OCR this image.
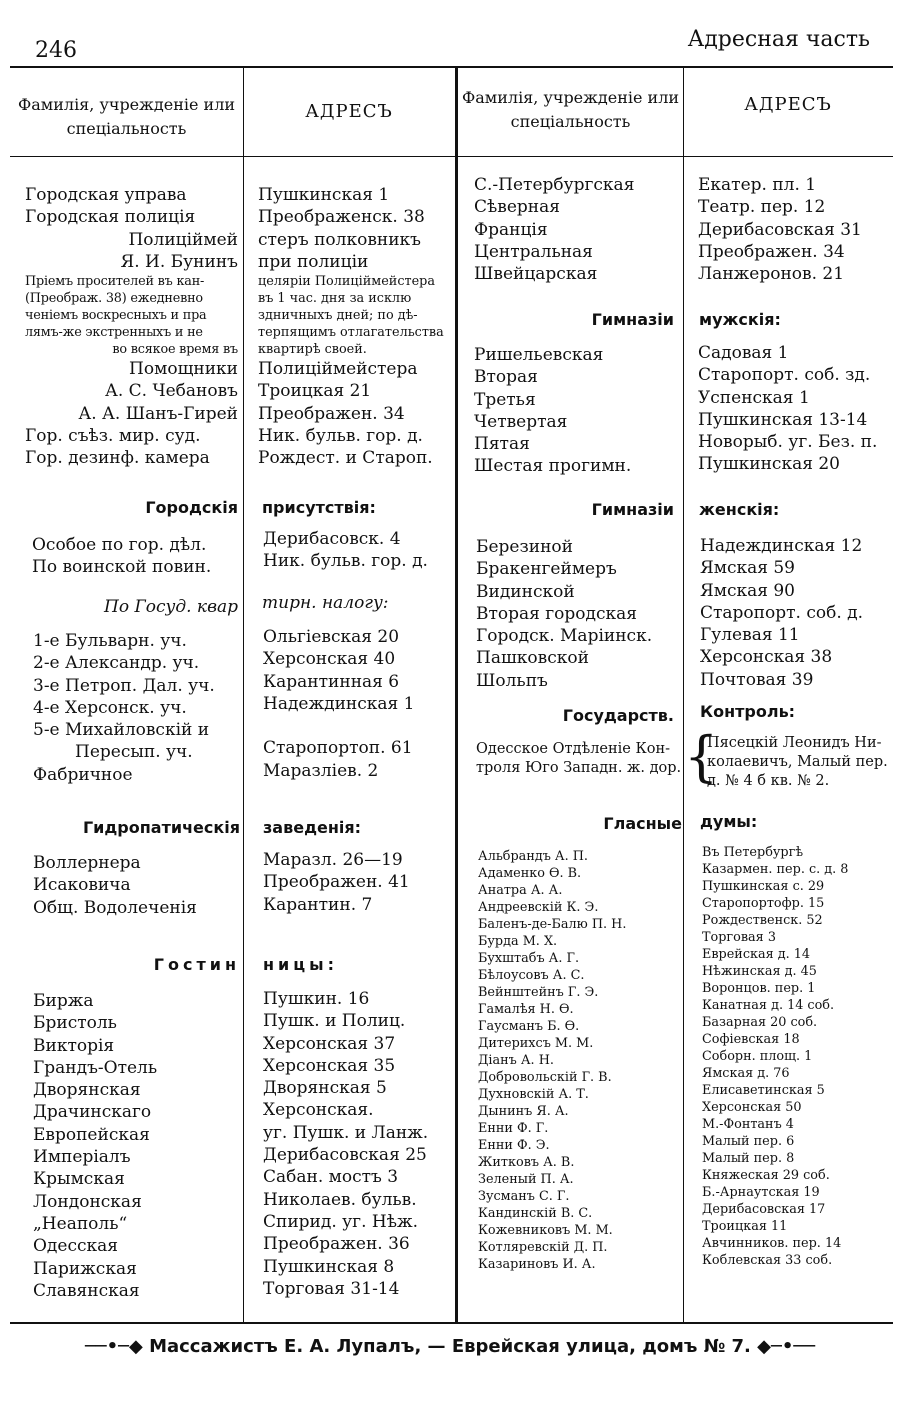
246	Адресная часть
Фамилія, учрежденіе или спеціальность
АДРЕСЪ
Фамилія, учрежденіе или спеціальность
АДРЕСЪ
Городская управа
Городская полиція
Полиціймей
Я. И. Бунинъ
Пріемъ просителей въ кан-
(Преображ. 38) ежедневно
ченіемъ воскресныхъ и пра
лямъ-же экстренныхъ и не
во всякое время въ
Помощники
А. С. Чебановъ
А. А. Шанъ-Гирей
Гор. съѣз. мир. суд.
Гор. дезинф. камера
Пушкинская 1
Преображенск. 38
стеръ полковникъ
при полиціи
целяріи Полиціймейстера
въ 1 час. дня за исклю
здничныхъ дней; по дѣ-
терпящимъ отлагательства
квартирѣ своей.
Полиціймейстера
Троицкая 21
Преображен. 34
Ник. бульв. гор. д.
Рождест. и Староп.
Городскія присутствія:
Особое по гор. дѣл.
По воинской повин.
Дерибасовск. 4
Ник. бульв. гор. д.
По Госуд. квар тирн. налогу:
1-е Бульварн. уч.
2-е Александр. уч.
3-е Петроп. Дал. уч.
4-е Херсонск. уч.
5-е Михайловскій и
Пересып. уч.
Фабричное
Ольгіевская 20
Херсонская 40
Карантинная 6
Надеждинская 1
Старопортоп. 61
Маразліев. 2
Гидропатическія заведенія:
Воллернера
Исаковича
Общ. Водолеченія
Маразл. 26—19
Преображен. 41
Карантин. 7
Гостин ницы:
Биржа
Бристоль
Викторія
Грандъ-Отель
Дворянская
Драчинскаго
Европейская
Имперіалъ
Крымская
Лондонская
„Неаполь“
Одесская
Парижская
Славянская
Пушкин. 16
Пушк. и Полиц.
Херсонская 37
Херсонская 35
Дворянская 5
Херсонская.
уг. Пушк. и Ланж.
Дерибасовская 25
Сабан. мостъ 3
Николаев. бульв.
Спирид. уг. Нѣж.
Преображен. 36
Пушкинская 8
Торговая 31-14
С.-Петербургская
Сѣверная
Франція
Центральная
Швейцарская
Екатер. пл. 1
Театр. пер. 12
Дерибасовская 31
Преображен. 34
Ланжеронов. 21
Гимназіи мужскія:
Ришельевская
Вторая
Третья
Четвертая
Пятая
Шестая прогимн.
Садовая 1
Старопорт. соб. зд.
Успенская 1
Пушкинская 13-14
Новорыб. уг. Без. п.
Пушкинская 20
Гимназіи женскія:
Березиной
Бракенгеймеръ
Видинской
Вторая городская
Городск. Маріинск.
Пашковской
Шольпъ
Надеждинская 12
Ямская 59
Ямская 90
Старопорт. соб. д.
Гулевая 11
Херсонская 38
Почтовая 39
Государств. Контроль:
Одесское Отдѣленіе Кон-
троля Юго Западн. ж. дор. {
Пясецкій Леонидъ Ни-
колаевичъ, Малый пер.
д. № 4 б кв. № 2.
Гласные думы:
Альбрандъ А. П.
Адаменко Ѳ. В.
Анатра А. А.
Андреевскій К. Э.
Баленъ-де-Балю П. Н.
Бурда М. Х.
Бухштабъ А. Г.
Бѣлоусовъ А. С.
Вейнштейнъ Г. Э.
Гамалѣя Н. Ѳ.
Гаусманъ Б. Ѳ.
Дитерихсъ М. М.
Діанъ А. Н.
Добровольскій Г. В.
Духновскій А. Т.
Дынинъ Я. А.
Енни Ф. Г.
Енни Ф. Э.
Житковъ А. В.
Зеленый П. А.
Зусманъ С. Г.
Кандинскій В. С.
Кожевниковъ М. М.
Котляревскій Д. П.
Казариновъ И. А.
Въ Петербургѣ
Казармен. пер. с. д. 8
Пушкинская с. 29
Старопортофр. 15
Рождественск. 52
Торговая 3
Еврейская д. 14
Нѣжинская д. 45
Воронцов. пер. 1
Канатная д. 14 соб.
Базарная 20 соб.
Софіевская 18
Соборн. площ. 1
Ямская д. 76
Елисаветинская 5
Херсонская 50
М.-Фонтанъ 4
Малый пер. 6
Малый пер. 8
Княжеская 29 соб.
Б.-Арнаутская 19
Дерибасовская 17
Троицкая 11
Авчинников. пер. 14
Коблевская 33 соб.
──•─◆ Массажистъ Е. А. Лупалъ, — Еврейская улица, домъ № 7. ◆─•──
